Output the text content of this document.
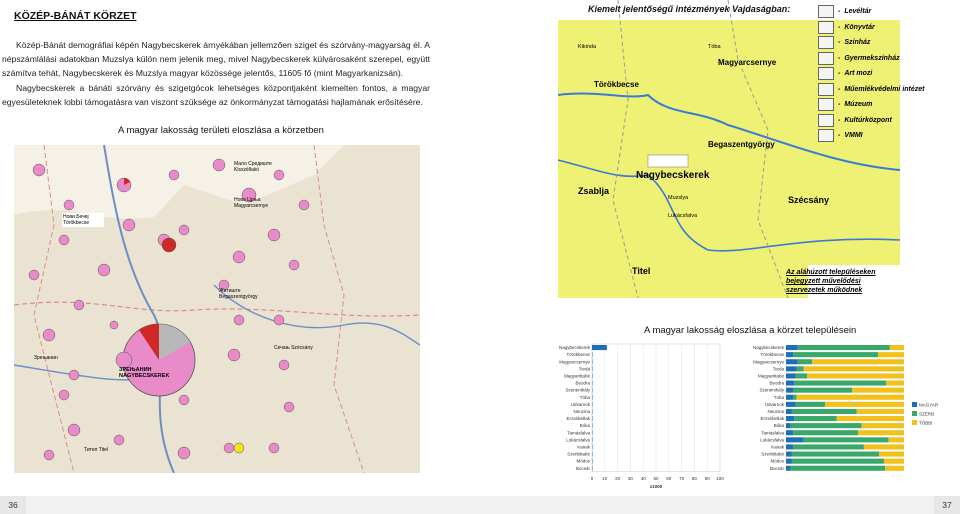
KÖZÉP-BÁNÁT KÖRZET

Közép-Bánát demográfiai képén Nagybecskerek árnyékában jellemzően sziget és szórvány-magyarság él. A népszámlálási adatokban Muzslya külön nem jelenik meg, mivel Nagybecskerek külvárosaként szerepel, együtt számítva tehát, Nagybecskerek és Muzslya magyar közössége jelentős, 11605 fő (mint Magyarkanizsán).

Nagybecskerek a bánáti szórvány és szigetgócok lehetséges központjaként kiemelten fontos, a magyar egyesületeknek lobbi támogatásra van viszont szüksége az önkormányzat támogatási hajlamának erősítésére.

A magyar lakosság területi eloszlása a körzetben
Нови Бечеј Törökbecse
Мало Средиште Kisszéllakó
Нова Црња Magyarcsernye
Житиште Begaszentgyörgy
ЗРЕЊАНИН NAGYBECSKEREK
Сечањ Szécsány
Зрењанин
Тител Titel
36
Kiemelt jelentőségű intézmények Vajdaságban:
Törökbecse
Magyarcsernye
Tóba
Begaszentgyörgy
Nagybecskerek
Zsablja
Szécsány
Titel
Muzslya
Lukácsfalva
Kikinda
Az aláhúzott településeken bejegyzett művelődési szervezetek működnek
- Levéltár
- Könyvtár
- Színház
- Gyermekszínház
- Art mozi
- Műemlékvédelmi intézet
- Múzeum
- Kultúrközpont
- VMMI
A magyar lakosság eloszlása a körzet településein
0 10 20 30 40 50 60 70 80 90 100
Nagybecskerek
Törökbecse
Magyarcsernye
Torda
Magyarittabé
Beodra
Szentmihály
Tóba
Udvarnok
Neuzina
Erzsébetlak
Bóka
Tamásfalva
Lukácsfalva
Kanak
Szerbittabé
Módos
Bocsár
x1000
Nagybecskerek
Törökbecse
Magyarcsernye
Torda
Magyarittabé
Beodra
Szentmihály
Tóba
Udvarnok
Neuzina
Erzsébetlak
Bóka
Tamásfalva
Lukácsfalva
Kanak
Szerbittabé
Módos
Bocsár
MAGYAR
SZERB
TÖBBI
37
